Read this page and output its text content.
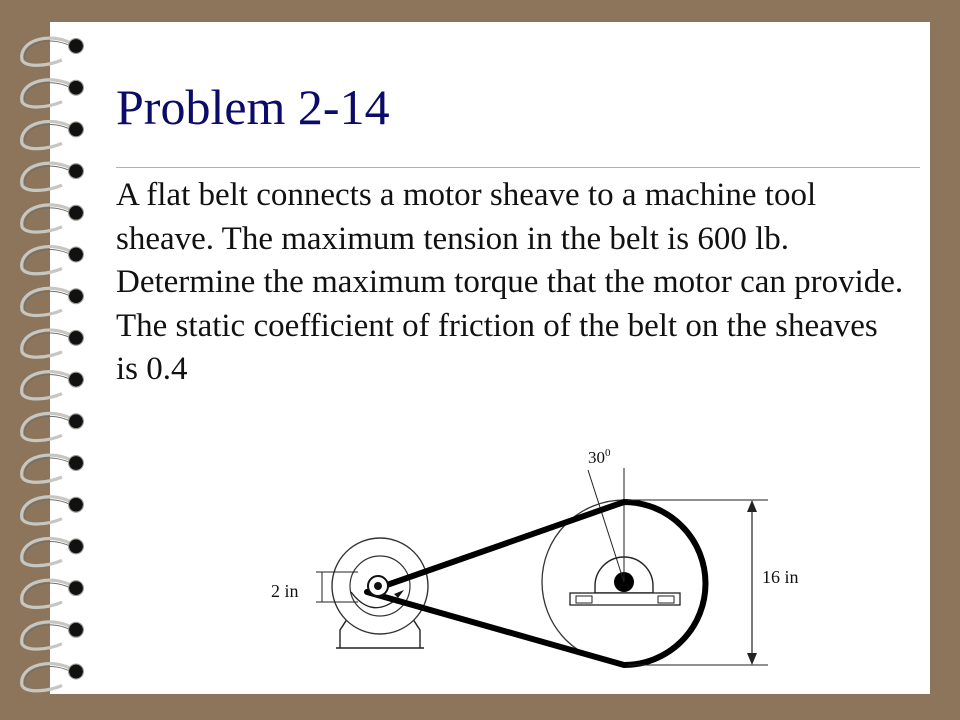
Problem 2-14

A flat belt connects a motor sheave to a machine tool sheave. The maximum tension in the belt is 600 lb. Determine the maximum torque that the motor can provide. The static coefficient of friction of the belt on the sheaves is 0.4

2 in
16 in
$30^0$
